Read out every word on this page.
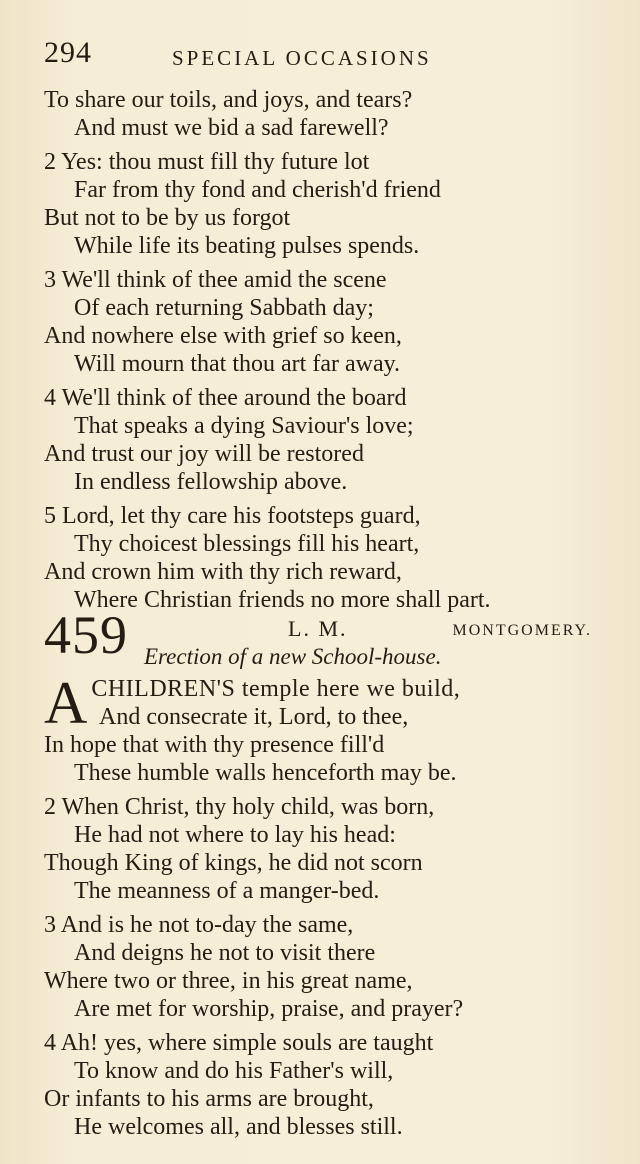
294	SPECIAL OCCASIONS
To share our toils, and joys, and tears?
And must we bid a sad farewell?
2 Yes: thou must fill thy future lot
Far from thy fond and cherish'd friend
But not to be by us forgot
While life its beating pulses spends.
3 We'll think of thee amid the scene
Of each returning Sabbath day;
And nowhere else with grief so keen,
Will mourn that thou art far away.
4 We'll think of thee around the board
That speaks a dying Saviour's love;
And trust our joy will be restored
In endless fellowship above.
5 Lord, let thy care his footsteps guard,
Thy choicest blessings fill his heart,
And crown him with thy rich reward,
Where Christian friends no more shall part.
459	L. M.	MONTGOMERY.
Erection of a new School-house.
A CHILDREN'S temple here we build,
And consecrate it, Lord, to thee,
In hope that with thy presence fill'd
These humble walls henceforth may be.
2 When Christ, thy holy child, was born,
He had not where to lay his head:
Though King of kings, he did not scorn
The meanness of a manger-bed.
3 And is he not to-day the same,
And deigns he not to visit there
Where two or three, in his great name,
Are met for worship, praise, and prayer?
4 Ah! yes, where simple souls are taught
To know and do his Father's will,
Or infants to his arms are brought,
He welcomes all, and blesses still.
